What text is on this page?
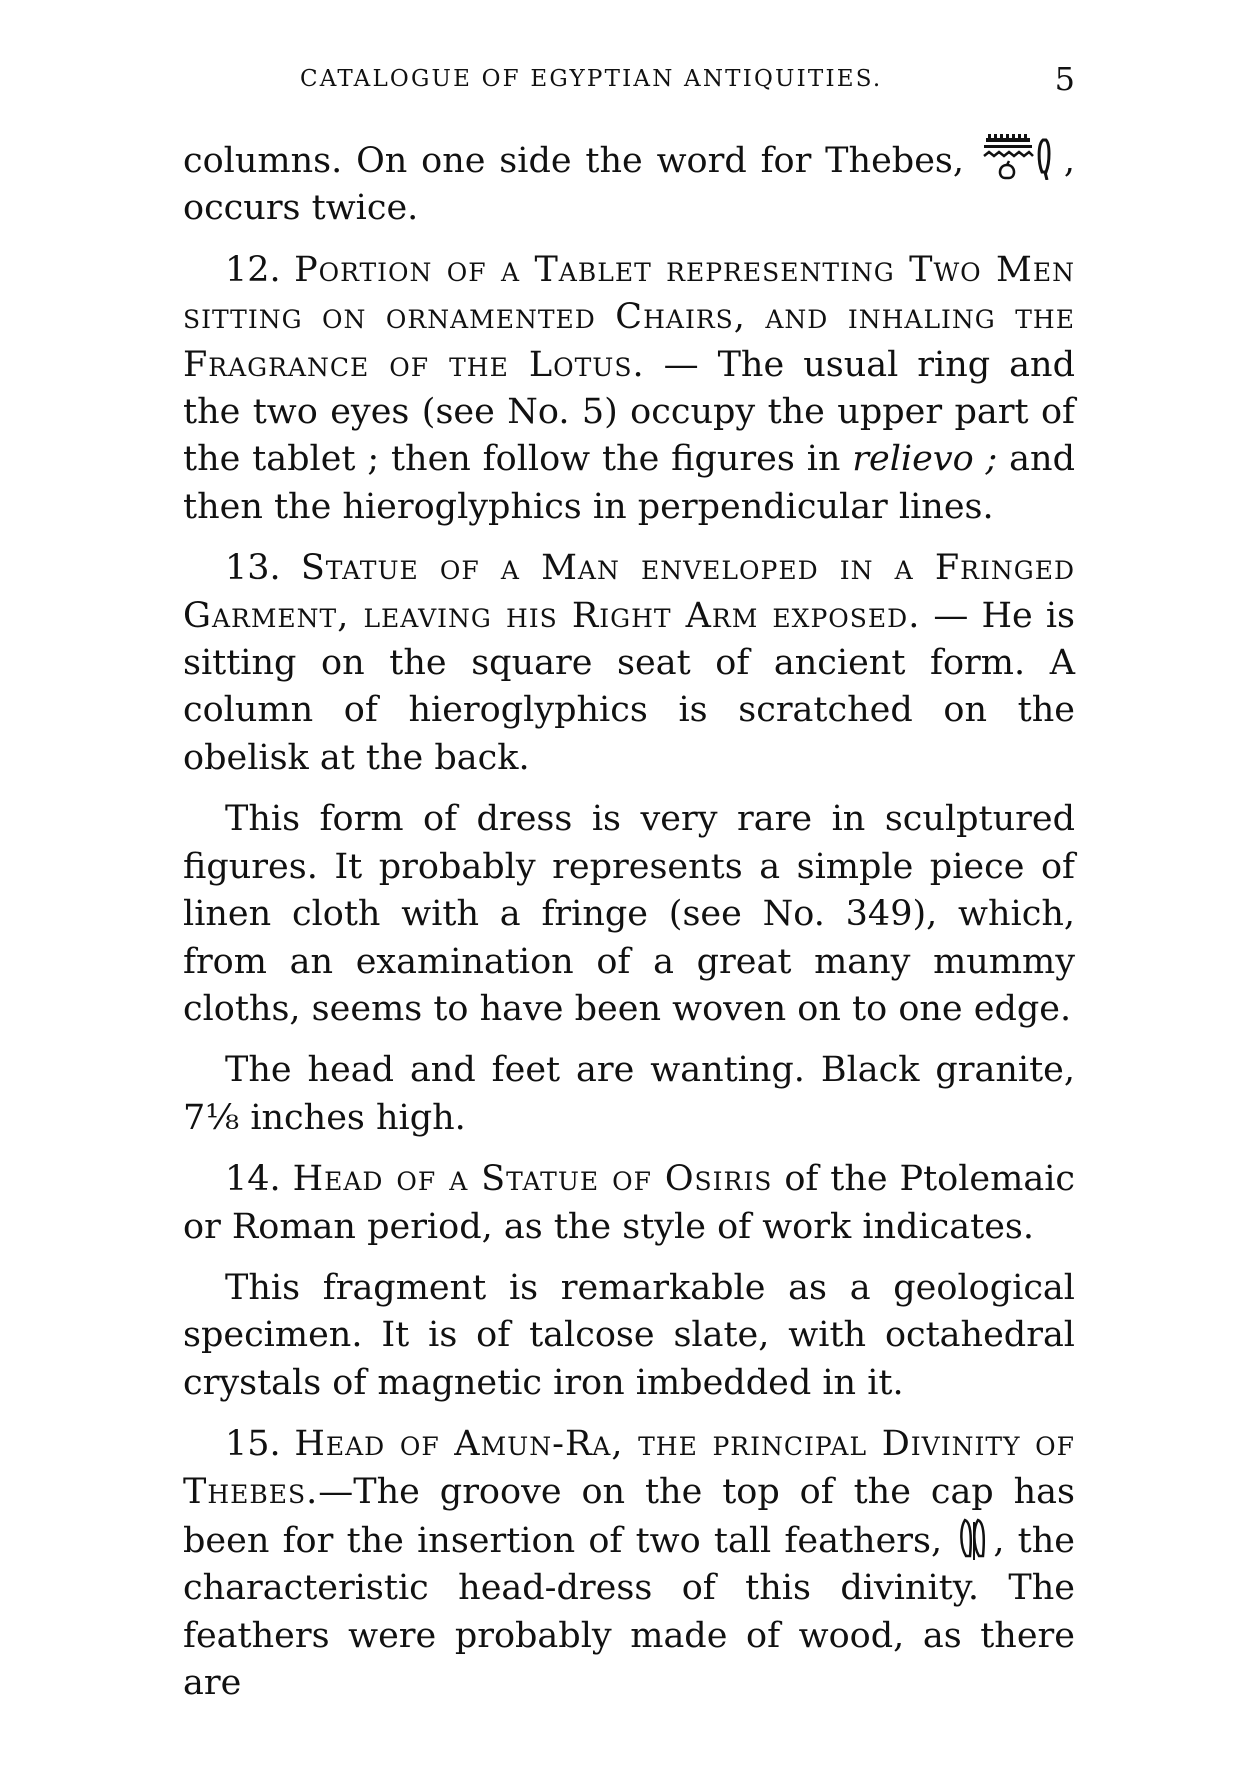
CATALOGUE OF EGYPTIAN ANTIQUITIES.	5

columns. On one side the word for Thebes,	, occurs twice.

12. Portion of a Tablet representing Two Men sitting on ornamented Chairs, and inhaling the Fragrance of the Lotus. — The usual ring and the two eyes (see No. 5) occupy the upper part of the tablet ; then follow the figures in relievo ; and then the hieroglyphics in perpendicular lines.

13. Statue of a Man enveloped in a Fringed Garment, leaving his Right Arm exposed. — He is sitting on the square seat of ancient form. A column of hieroglyphics is scratched on the obelisk at the back.

This form of dress is very rare in sculptured figures. It probably represents a simple piece of linen cloth with a fringe (see No. 349), which, from an examination of a great many mummy cloths, seems to have been woven on to one edge.

The head and feet are wanting. Black granite, 7⅛ inches high.

14. Head of a Statue of Osiris of the Ptolemaic or Roman period, as the style of work indicates.

This fragment is remarkable as a geological specimen. It is of talcose slate, with octahedral crystals of magnetic iron imbedded in it.

15. Head of Amun-Ra, the principal Divinity of Thebes.—The groove on the top of the cap has been for the insertion of two tall feathers, , the characteristic head-dress of this divinity. The feathers were probably made of wood, as there are
